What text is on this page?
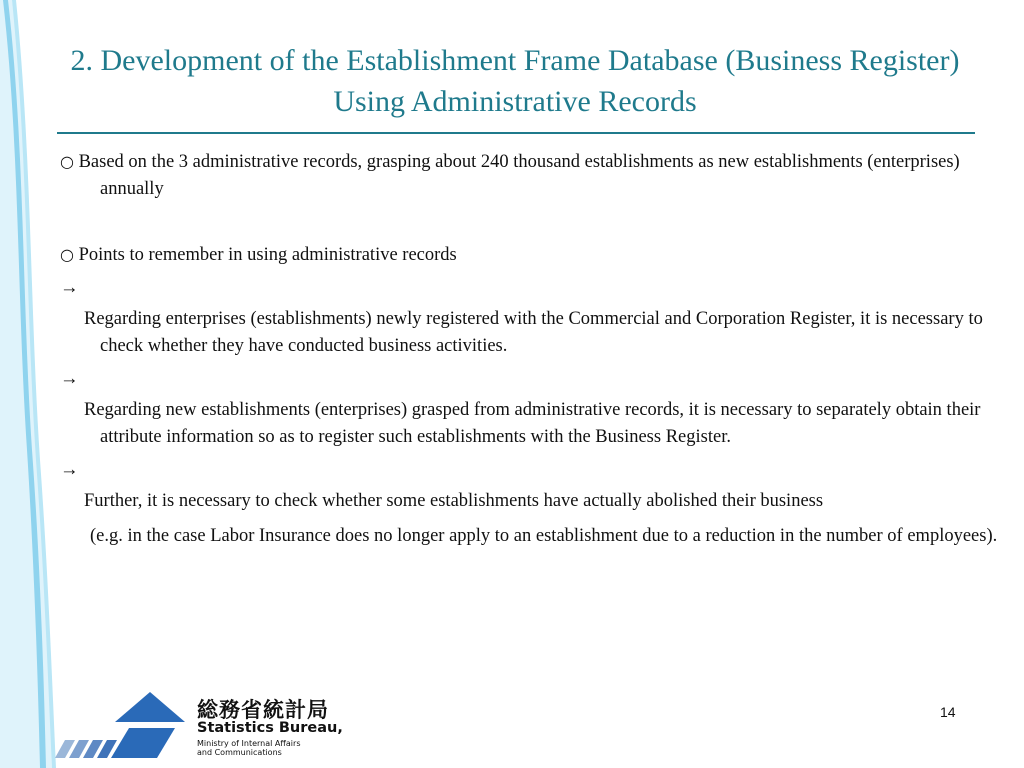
2. Development of the Establishment Frame Database (Business Register) Using Administrative Records

○ Based on the 3 administrative records, grasping about 240 thousand establishments as new establishments (enterprises) annually

○ Points to remember in using administrative records

→

Regarding enterprises (establishments) newly registered with the Commercial and Corporation Register, it is necessary to check whether they have conducted business activities.

→

Regarding new establishments (enterprises) grasped from administrative records, it is necessary to separately obtain their attribute information so as to register such establishments with the Business Register.

→

Further, it is necessary to check whether some establishments have actually abolished their business

(e.g. in the case Labor Insurance does no longer apply to an establishment due to a reduction in the number of employees).

総務省統計局
Statistics Bureau,
Ministry of Internal Affairs
and Communications
14
